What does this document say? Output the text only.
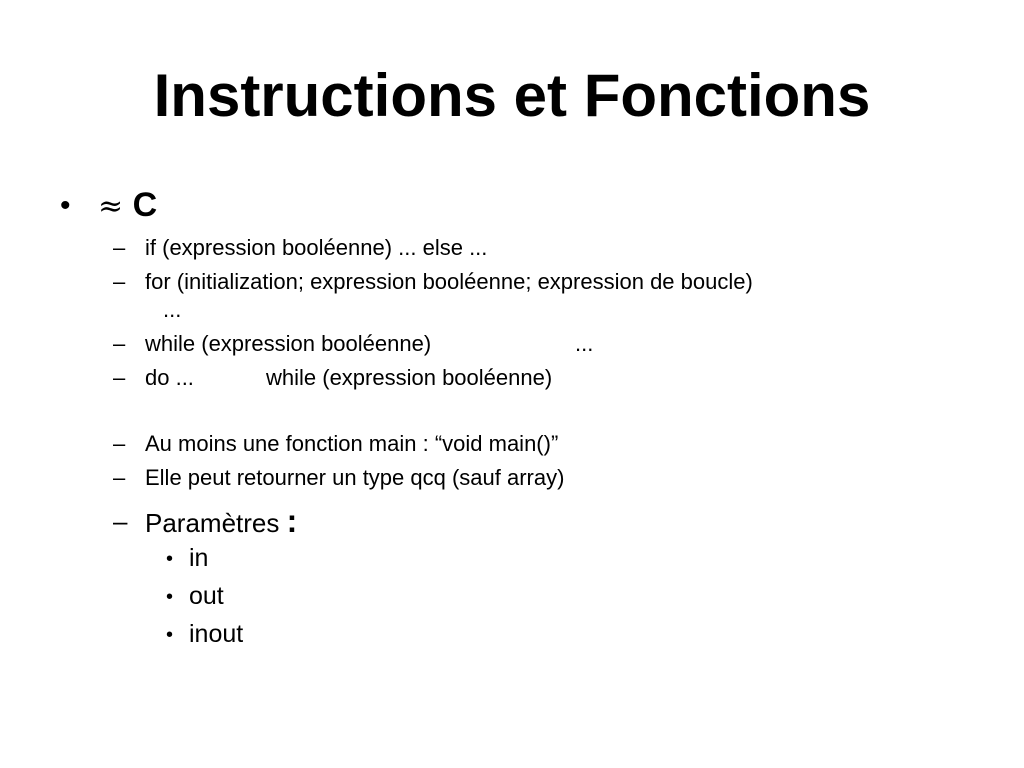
Instructions et Fonctions
• ≈ C
– if (expression booléenne) ... else ...
– for (initialization; expression booléenne; expression de boucle)
...
– while (expression booléenne)	...
– do ...	while (expression booléenne)
– Au moins une fonction main : “void main()”
– Elle peut retourner un type qcq (sauf array)
– Paramètres :
• in
• out
• inout
